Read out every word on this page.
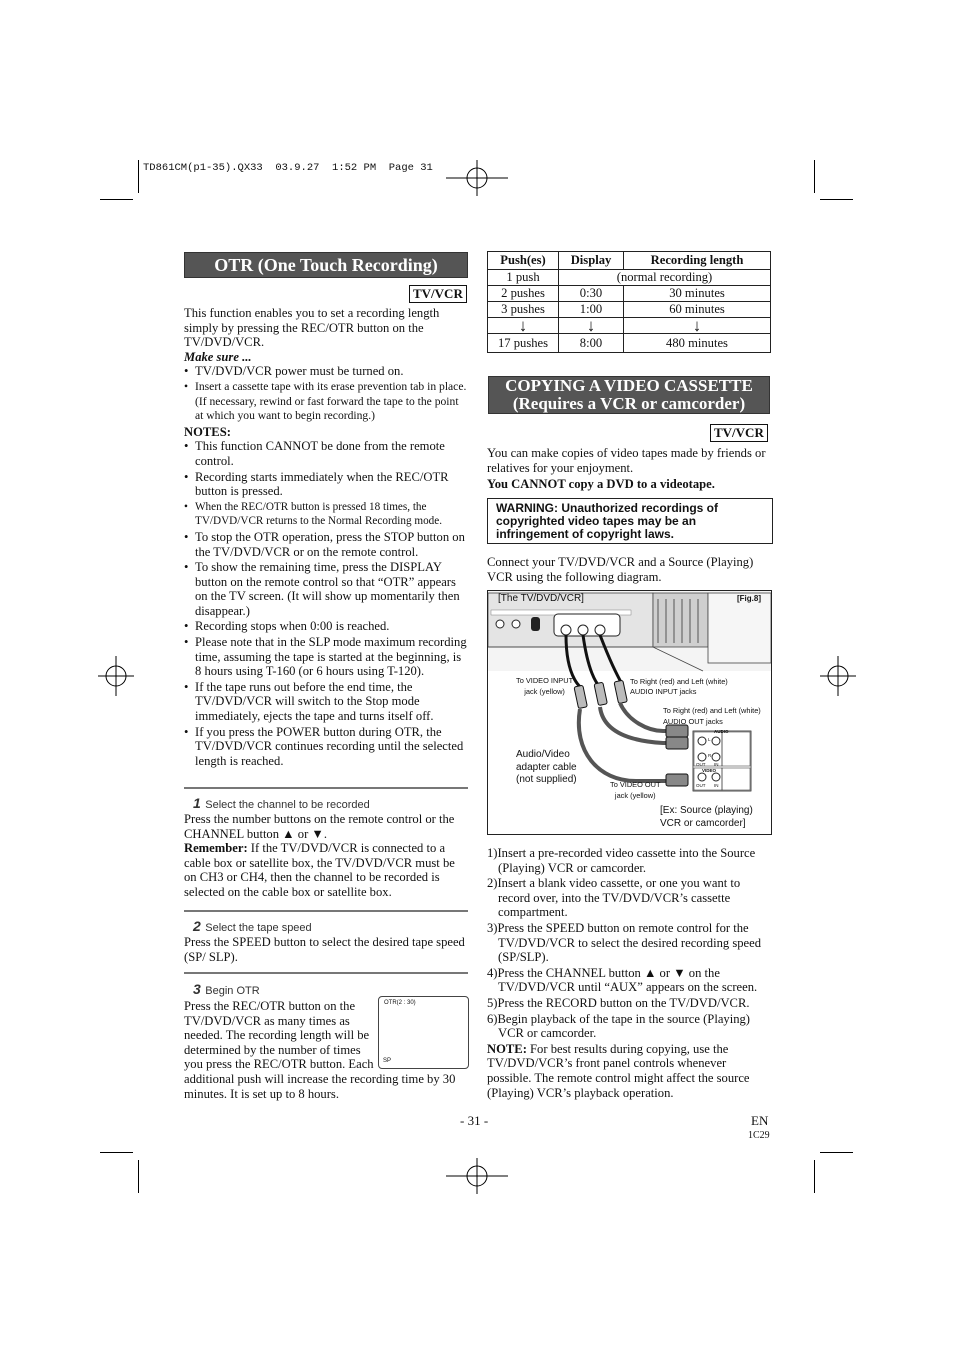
TD861CM(p1-35).QX33  03.9.27  1:52 PM  Page 31
OTR (One Touch Recording)
TV/VCR
This function enables you to set a recording length simply by pressing the REC/OTR button on the TV/DVD/VCR.
Make sure ...
• TV/DVD/VCR power must be turned on.
• Insert a cassette tape with its erase prevention tab in place. (If necessary, rewind or fast forward the tape to the point at which you want to begin recording.)
NOTES:
• This function CANNOT be done from the remote control.
• Recording starts immediately when the REC/OTR button is pressed.
• When the REC/OTR button is pressed 18 times, the TV/DVD/VCR returns to the Normal Recording mode.
• To stop the OTR operation, press the STOP button on the TV/DVD/VCR or on the remote control.
• To show the remaining time, press the DISPLAY button on the remote control so that “OTR” appears on the TV screen. (It will show up momentarily then disappear.)
• Recording stops when 0:00 is reached.
• Please note that in the SLP mode maximum recording time, assuming the tape is started at the beginning, is 8 hours using T-160 (or 6 hours using T-120).
• If the tape runs out before the end time, the TV/DVD/VCR will switch to the Stop mode immediately, ejects the tape and turns itself off.
• If you press the POWER button during OTR, the TV/DVD/VCR continues recording until the selected length is reached.
1 Select the channel to be recorded
Press the number buttons on the remote control or the CHANNEL button ▲ or ▼.
Remember: If the TV/DVD/VCR is connected to a cable box or satellite box, the TV/DVD/VCR must be on CH3 or CH4, then the channel to be recorded is selected on the cable box or satellite box.
2 Select the tape speed
Press the SPEED button to select the desired tape speed (SP/ SLP).
3 Begin OTR
Press the REC/OTR button on the
TV/DVD/VCR as many times as
needed. The recording length will be
determined by the number of times
you press the REC/OTR button. Each
additional push will increase the recording time by 30 minutes. It is set up to 8 hours.
OTR(2 : 30)
SP
Push(es)	Display	Recording length
1 push	(normal recording)	
2 pushes	0:30	30 minutes
3 pushes	1:00	60 minutes
↓	↓	↓
17 pushes	8:00	480 minutes
COPYING A VIDEO CASSETTE
(Requires a VCR or camcorder)
TV/VCR
You can make copies of video tapes made by friends or relatives for your enjoyment.
You CANNOT copy a DVD to a videotape.
WARNING: Unauthorized recordings of copyrighted video tapes may be an infringement of copyright laws.
Connect your TV/DVD/VCR and a Source (Playing) VCR using the following diagram.
[The TV/DVD/VCR]	[Fig.8]
To VIDEO INPUT
jack (yellow)
To Right (red) and Left (white)
AUDIO INPUT jacks
To Right (red) and Left (white)
AUDIO OUT jacks
Audio/Video
adapter cable
(not supplied)	To VIDEO OUT
jack (yellow)
AUDIO
L
R
OUT IN
VIDEO
OUT IN
[Ex: Source (playing)
VCR or camcorder]
1)Insert a pre-recorded video cassette into the Source (Playing) VCR or camcorder.
2)Insert a blank video cassette, or one you want to record over, into the TV/DVD/VCR’s cassette compartment.
3)Press the SPEED button on remote control for the TV/DVD/VCR to select the desired recording speed (SP/SLP).
4)Press the CHANNEL button ▲ or ▼ on the TV/DVD/VCR until “AUX” appears on the screen.
5)Press the RECORD button on the TV/DVD/VCR.
6)Begin playback of the tape in the source (Playing) VCR or camcorder.
NOTE: For best results during copying, use the TV/DVD/VCR’s front panel controls whenever possible. The remote control might affect the source (Playing) VCR’s playback operation.
- 31 -	EN
1C29
